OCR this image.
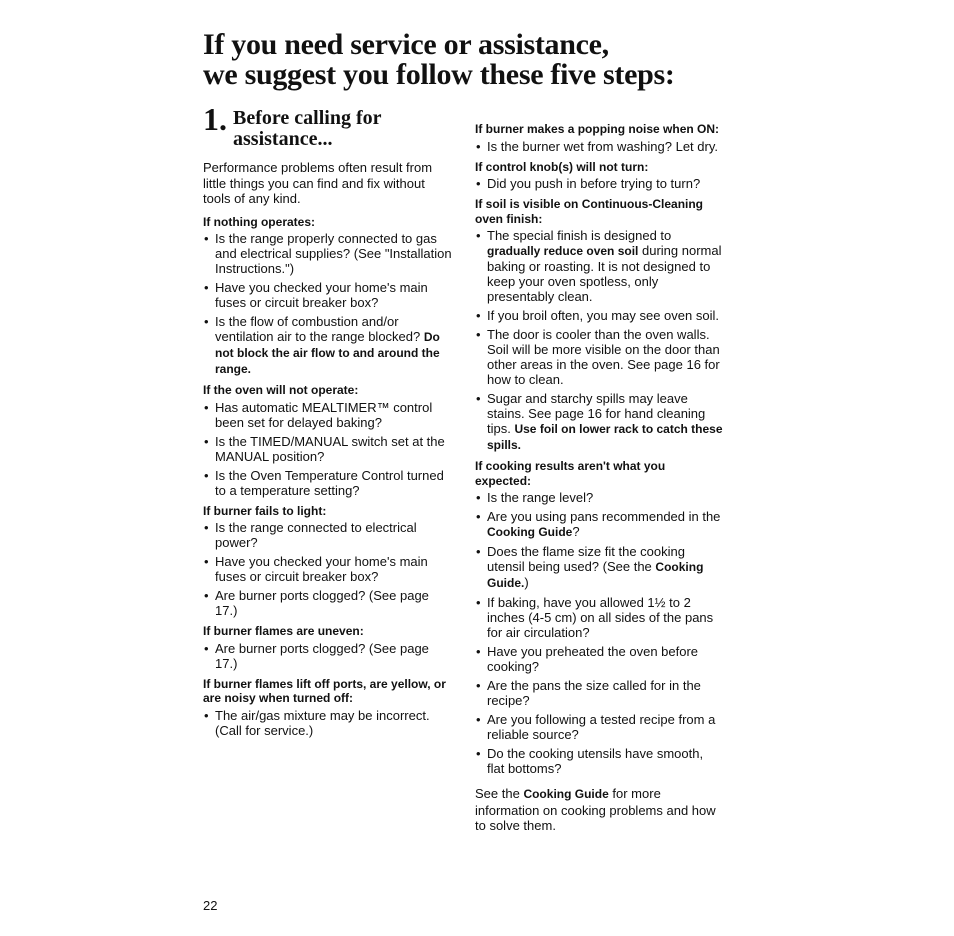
If you need service or assistance,
we suggest you follow these five steps:
1. Before calling for
assistance...
Performance problems often result from little things you can find and fix without tools of any kind.
If nothing operates:
• Is the range properly connected to gas and electrical supplies? (See "Installation Instructions.")
• Have you checked your home's main fuses or circuit breaker box?
• Is the flow of combustion and/or ventilation air to the range blocked? Do not block the air flow to and around the range.
If the oven will not operate:
• Has automatic MEALTIMER™ control been set for delayed baking?
• Is the TIMED/MANUAL switch set at the MANUAL position?
• Is the Oven Temperature Control turned to a temperature setting?
If burner fails to light:
• Is the range connected to electrical power?
• Have you checked your home's main fuses or circuit breaker box?
• Are burner ports clogged? (See page 17.)
If burner flames are uneven:
• Are burner ports clogged? (See page 17.)
If burner flames lift off ports, are yellow, or are noisy when turned off:
• The air/gas mixture may be incorrect. (Call for service.)
If burner makes a popping noise when ON:
• Is the burner wet from washing? Let dry.
If control knob(s) will not turn:
• Did you push in before trying to turn?
If soil is visible on Continuous-Cleaning oven finish:
• The special finish is designed to gradually reduce oven soil during normal baking or roasting. It is not designed to keep your oven spotless, only presentably clean.
• If you broil often, you may see oven soil.
• The door is cooler than the oven walls. Soil will be more visible on the door than other areas in the oven. See page 16 for how to clean.
• Sugar and starchy spills may leave stains. See page 16 for hand cleaning tips. Use foil on lower rack to catch these spills.
If cooking results aren't what you expected:
• Is the range level?
• Are you using pans recommended in the Cooking Guide?
• Does the flame size fit the cooking utensil being used? (See the Cooking Guide.)
• If baking, have you allowed 1½ to 2 inches (4-5 cm) on all sides of the pans for air circulation?
• Have you preheated the oven before cooking?
• Are the pans the size called for in the recipe?
• Are you following a tested recipe from a reliable source?
• Do the cooking utensils have smooth, flat bottoms?
See the Cooking Guide for more information on cooking problems and how to solve them.
22
